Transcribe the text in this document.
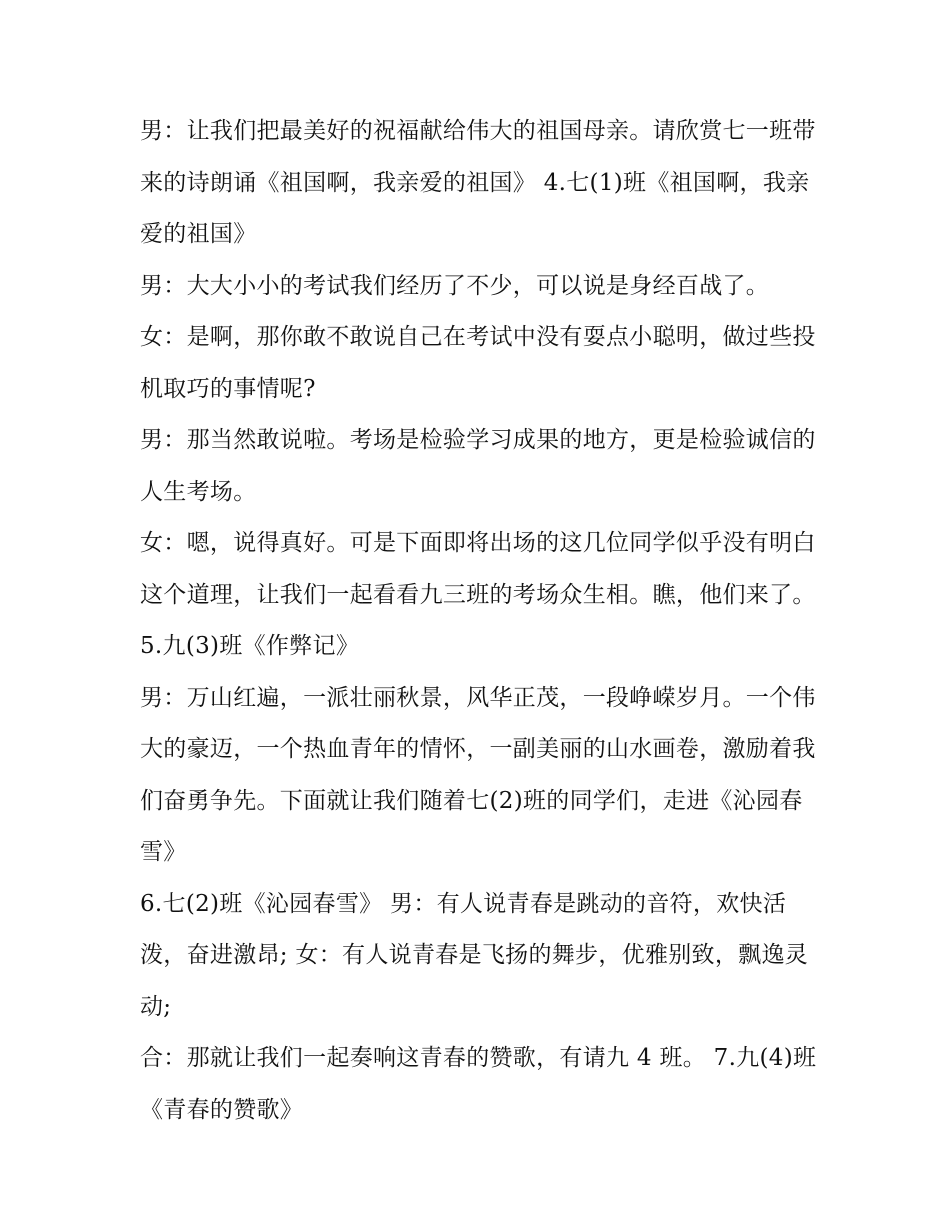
男：让我们把最美好的祝福献给伟大的祖国母亲。请欣赏七一班带来的诗朗诵《祖国啊，我亲爱的祖国》 4.七(1)班《祖国啊，我亲爱的祖国》

男：大大小小的考试我们经历了不少，可以说是身经百战了。

女：是啊，那你敢不敢说自己在考试中没有耍点小聪明，做过些投机取巧的事情呢?

男：那当然敢说啦。考场是检验学习成果的地方，更是检验诚信的人生考场。

女：嗯，说得真好。可是下面即将出场的这几位同学似乎没有明白这个道理，让我们一起看看九三班的考场众生相。瞧，他们来了。 5.九(3)班《作弊记》

男：万山红遍，一派壮丽秋景，风华正茂，一段峥嵘岁月。一个伟大的豪迈，一个热血青年的情怀，一副美丽的山水画卷，激励着我们奋勇争先。下面就让我们随着七(2)班的同学们，走进《沁园春雪》

6.七(2)班《沁园春雪》 男：有人说青春是跳动的音符，欢快活泼，奋进激昂; 女：有人说青春是飞扬的舞步，优雅别致，飘逸灵动;

合：那就让我们一起奏响这青春的赞歌，有请九 4 班。 7.九(4)班《青春的赞歌》
